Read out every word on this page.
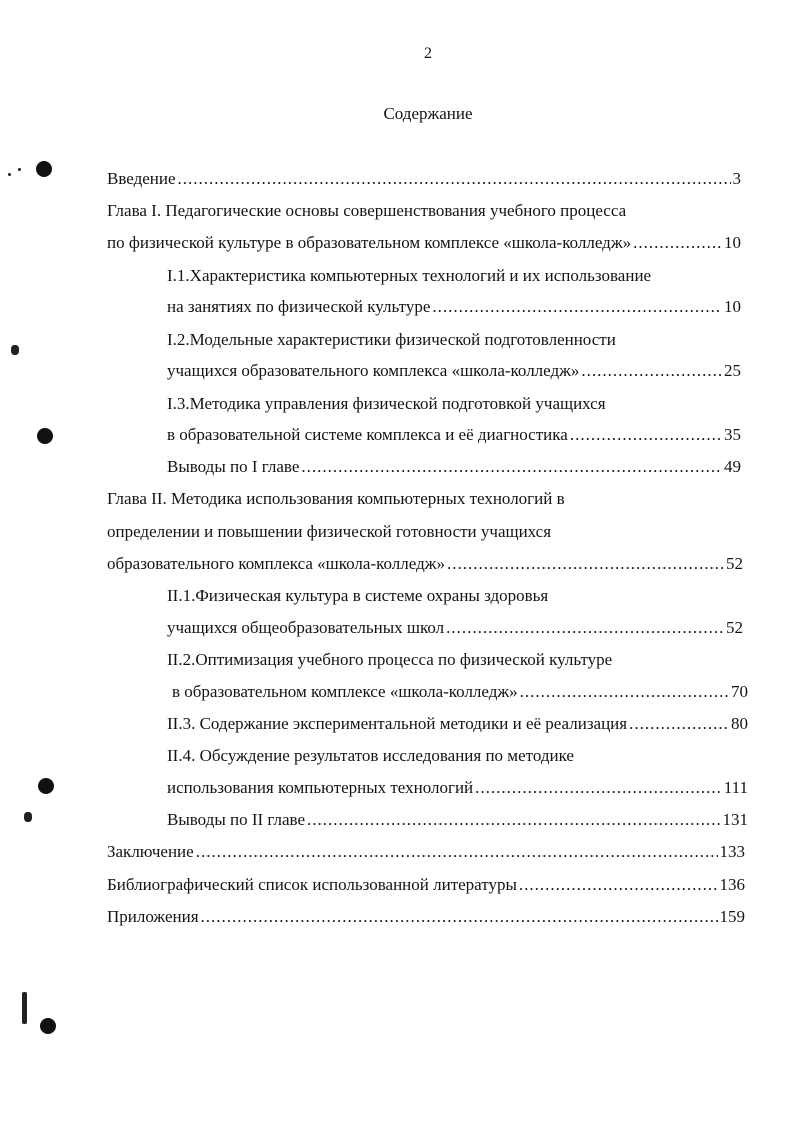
2
Содержание
Введение .....	3
Глава I. Педагогические основы совершенствования учебного процесса
по физической культуре в образовательном комплексе «школа-колледж» .....	10
I.1.Характеристика компьютерных технологий и их использование
на занятиях по физической культуре .....	10
I.2.Модельные характеристики физической подготовленности
учащихся образовательного комплекса «школа-колледж» .....	25
I.3.Методика управления физической подготовкой учащихся
в образовательной системе комплекса и её диагностика .....	35
Выводы по I главе .....	49
Глава II. Методика использования компьютерных технологий в
определении и повышении физической готовности учащихся
образовательного комплекса «школа-колледж» .....	52
II.1.Физическая культура в системе охраны здоровья
учащихся общеобразовательных школ .....	52
II.2.Оптимизация учебного процесса по физической культуре
в образовательном комплексе «школа-колледж» .....	70
II.3. Содержание экспериментальной методики и её реализация .....	80
II.4. Обсуждение результатов исследования по методике
использования компьютерных технологий .....	111
Выводы по II главе .....	131
Заключение .....	133
Библиографический список использованной литературы .....	136
Приложения .....	159
